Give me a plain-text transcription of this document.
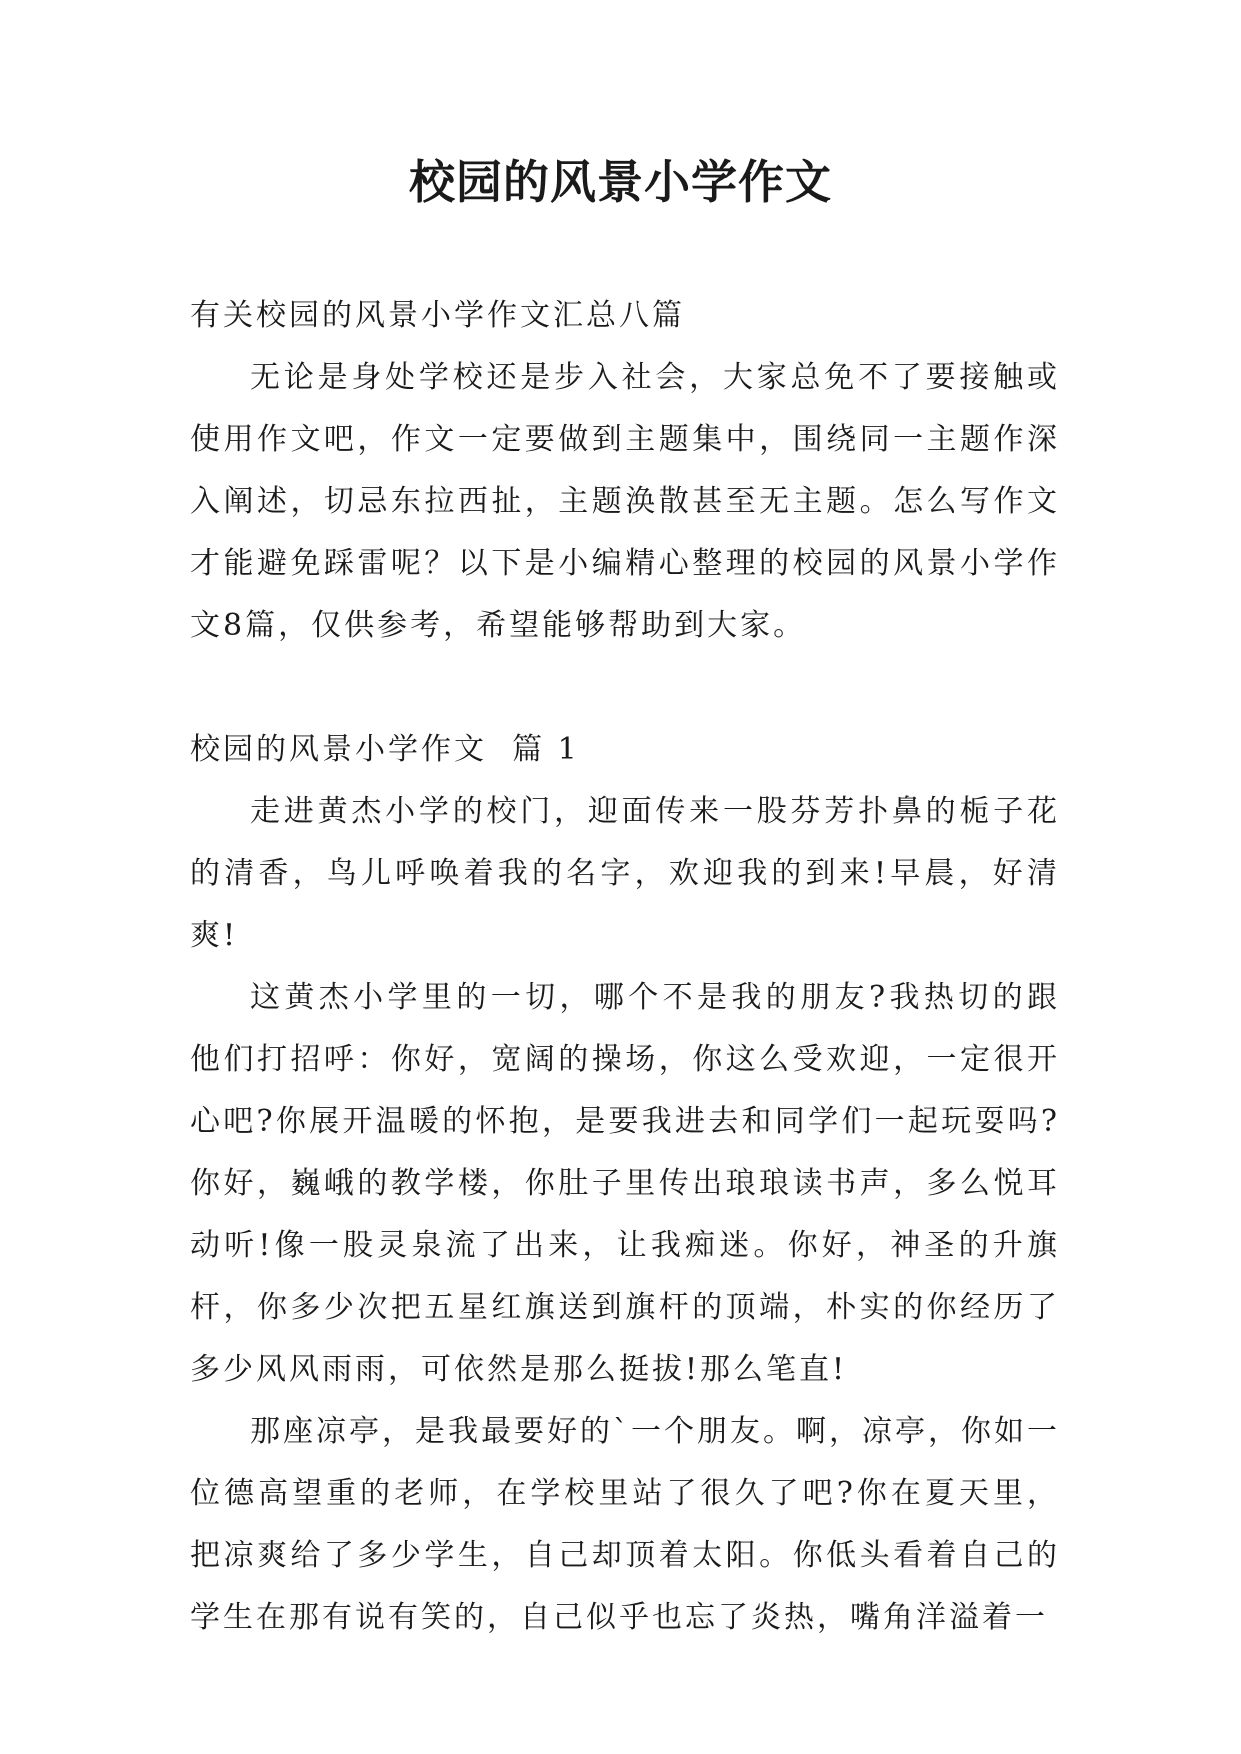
校园的风景小学作文

有关校园的风景小学作文汇总八篇

无论是身处学校还是步入社会，大家总免不了要接触或使用作文吧，作文一定要做到主题集中，围绕同一主题作深入阐述，切忌东拉西扯，主题涣散甚至无主题。怎么写作文才能避免踩雷呢？以下是小编精心整理的校园的风景小学作文8篇，仅供参考，希望能够帮助到大家。

校园的风景小学作文  篇 1

走进黄杰小学的校门，迎面传来一股芬芳扑鼻的栀子花的清香，鸟儿呼唤着我的名字，欢迎我的到来!早晨，好清爽!

这黄杰小学里的一切，哪个不是我的朋友?我热切的跟他们打招呼：你好，宽阔的操场，你这么受欢迎，一定很开心吧?你展开温暖的怀抱，是要我进去和同学们一起玩耍吗?你好，巍峨的教学楼，你肚子里传出琅琅读书声，多么悦耳动听!像一股灵泉流了出来，让我痴迷。你好，神圣的升旗杆，你多少次把五星红旗送到旗杆的顶端，朴实的你经历了多少风风雨雨，可依然是那么挺拔!那么笔直!

那座凉亭，是我最要好的`一个朋友。啊，凉亭，你如一位德高望重的老师，在学校里站了很久了吧?你在夏天里，把凉爽给了多少学生，自己却顶着太阳。你低头看着自己的学生在那有说有笑的，自己似乎也忘了炎热，嘴角洋溢着一
